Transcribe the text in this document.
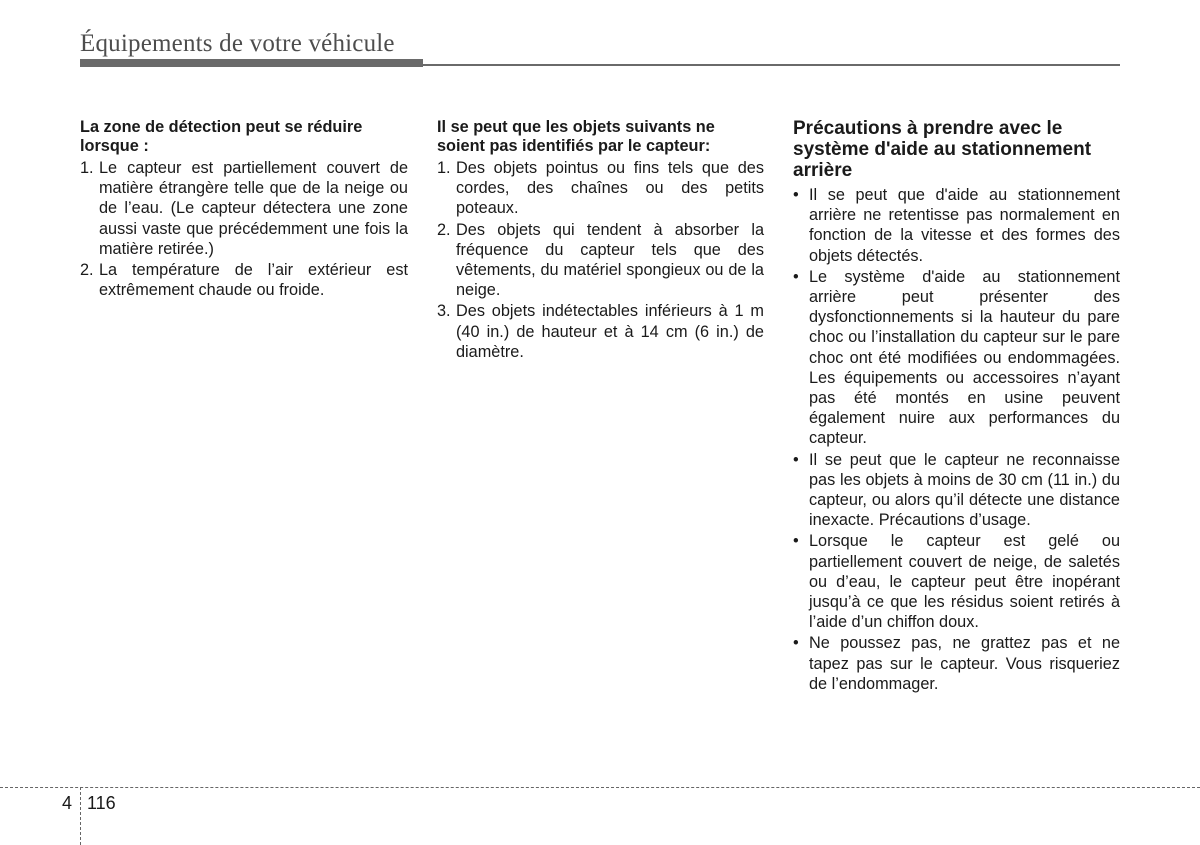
Équipements de votre véhicule

La zone de détection peut se réduire lorsque :

1. Le capteur est partiellement couvert de matière étrangère telle que de la neige ou de l’eau. (Le capteur détectera une zone aussi vaste que précédemment une fois la matière retirée.)
2. La température de l’air extérieur est extrêmement chaude ou froide.

Il se peut que les objets suivants ne soient pas identifiés par le capteur:

1. Des objets pointus ou fins tels que des cordes, des chaînes ou des petits poteaux.
2. Des objets qui tendent à absorber la fréquence du capteur tels que des vêtements, du matériel spongieux ou de la neige.
3. Des objets indétectables inférieurs à 1 m (40 in.) de hauteur et à 14 cm (6 in.) de diamètre.

Précautions à prendre avec le système d'aide au stationnement arrière

• Il se peut que d'aide au stationnement arrière ne retentisse pas normalement en fonction de la vitesse et des formes des objets détectés.
• Le système d'aide au stationnement arrière peut présenter des dysfonctionnements si la hauteur du pare choc ou l’installation du capteur sur le pare choc ont été modifiées ou endommagées. Les équipements ou accessoires n’ayant pas été montés en usine peuvent également nuire aux performances du capteur.
• Il se peut que le capteur ne reconnaisse pas les objets à moins de 30 cm (11 in.) du capteur, ou alors qu’il détecte une distance inexacte. Précautions d’usage.
• Lorsque le capteur est gelé ou partiellement couvert de neige, de saletés ou d’eau, le capteur peut être inopérant jusqu’à ce que les résidus soient retirés à l’aide d’un chiffon doux.
• Ne poussez pas, ne grattez pas et ne tapez pas sur le capteur. Vous risqueriez de l’endommager.
4 116
